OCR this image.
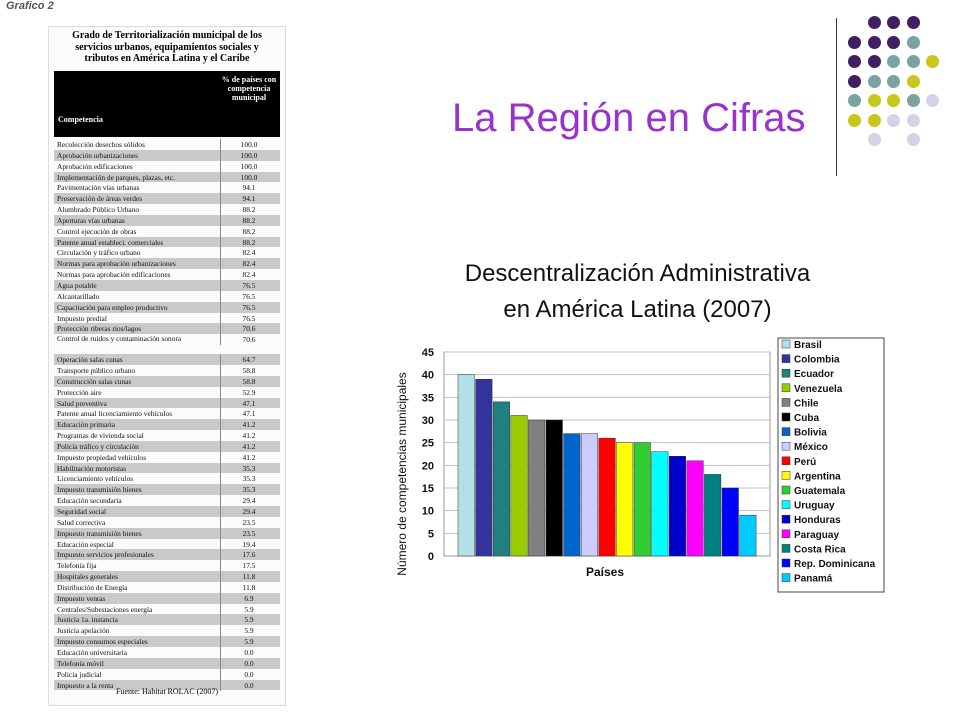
Grafico 2
Grado de Territorialización municipal de los servicios urbanos, equipamientos sociales y tributos en América Latina y el Caribe
Competencia
% de países con competencia municipal
Recolección desechos sólidos	100.0
Aprobación urbanizaciones	100.0
Aprobación edificaciones	100.0
Implementación de parques, plazas, etc.	100.0
Pavimentación vías urbanas	94.1
Preservación de áreas verdes	94.1
Alumbrado Público Urbano	88.2
Aperturas vías urbanas	88.2
Control ejecución de obras	88.2
Patente anual estableci. comerciales	88.2
Circulación y tráfico urbano	82.4
Normas para aprobación urbanizaciones	82.4
Normas para aprobación edificaciones	82.4
Agua potable	76.5
Alcantarillado	76.5
Capacitación para empleo productivo	76.5
Impuesto predial	76.5
Protección riberas ríos/lagos	70.6
Control de ruidos y contaminación sonora	70.6
Operación salas cunas	64.7
Transporte público urbano	58.8
Construcción salas cunas	58.8
Protección aire	52.9
Salud preventiva	47.1
Patente anual licenciamiento vehículos	47.1
Educación primaria	41.2
Programas de vivienda social	41.2
Policía tráfico y circulación	41.2
Impuesto propiedad vehículos	41.2
Habilitación motoristas	35.3
Licenciamiento vehículos	35.3
Impuesto transmisión bienes	35.3
Educación secundaria	29.4
Seguridad social	29.4
Salud correctiva	23.5
Impuesto transmisión bienes	23.5
Educación especial	19.4
Impuesto servicios profesionales	17.6
Telefonía fija	17.5
Hospitales generales	11.8
Distribución de Energía	11.8
Impuesto ventas	6.9
Centrales/Subestaciones energía	5.9
Justicia 1a. instancia	5.9
Justicia apelación	5.9
Impuesto consumos especiales	5.9
Educación universitaria	0.0
Telefonía móvil	0.0
Policía judicial	0.0
Impuesto a la renta	0.0
Fuente: Habitat ROLAC (2007)
La Región en Cifras
Descentralización Administrativa
en América Latina (2007)
0
5
10
15
20
25
30
35
40
45
Países
Número de competencias municipales
Brasil
Colombia
Ecuador
Venezuela
Chile
Cuba
Bolivia
México
Perú
Argentina
Guatemala
Uruguay
Honduras
Paraguay
Costa Rica
Rep. Dominicana
Panamá
